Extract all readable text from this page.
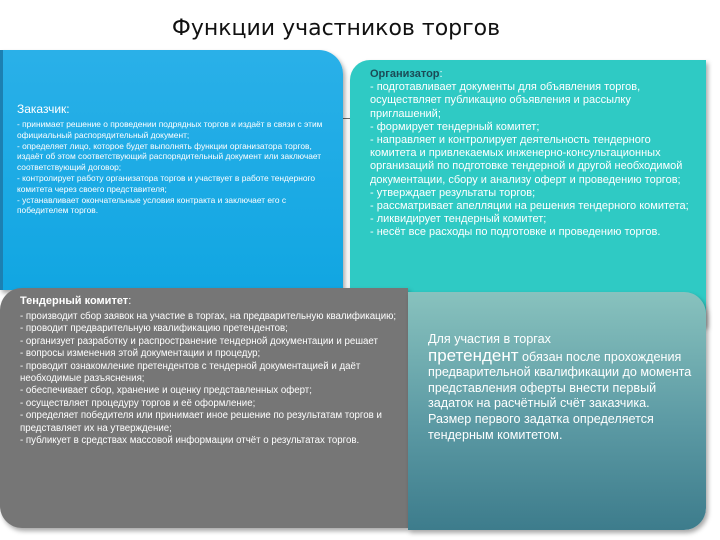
Функции участников торгов

Заказчик:

- принимает решение о проведении подрядных торгов и издаёт в связи с этим официальный распорядительный документ;

- определяет лицо, которое будет выполнять функции организатора торгов, издаёт об этом соответствующий распорядительный документ или заключает соответствующий договор;

- контролирует работу организатора торгов и участвует в работе тендерного комитета через своего представителя;

- устанавливает окончательные условия контракта и заключает его с победителем торгов.

Организатор:

- подготавливает документы для объявления торгов, осуществляет публикацию объявления и рассылку приглашений;

- формирует тендерный комитет;

- направляет и контролирует деятельность тендерного комитета и привлекаемых инженерно-консультационных организаций по подготовке тендерной и другой необходимой документации, сбору и анализу оферт и проведению торгов;

- утверждает результаты торгов;

- рассматривает апелляции на решения тендерного комитета;

- ликвидирует тендерный комитет;

- несёт все расходы по подготовке и проведению торгов.

Тендерный комитет:

- производит сбор заявок на участие в торгах, на предварительную квалификацию;

- проводит предварительную квалификацию претендентов;

- организует разработку и распространение тендерной документации и решает

- вопросы изменения этой документации и процедур;

- проводит ознакомление претендентов с тендерной документацией и даёт необходимые разъяснения;

- обеспечивает сбор, хранение и оценку представленных оферт;

- осуществляет процедуру торгов и её оформление;

- определяет победителя или принимает иное решение по результатам торгов и представляет их на утверждение;

- публикует в средствах массовой информации отчёт о результатах торгов.

Для участия в торгах
претендент обязан после прохождения предварительной квалификации до момента представления оферты внести первый задаток на расчётный счёт заказчика. Размер первого задатка определяется тендерным комитетом.
